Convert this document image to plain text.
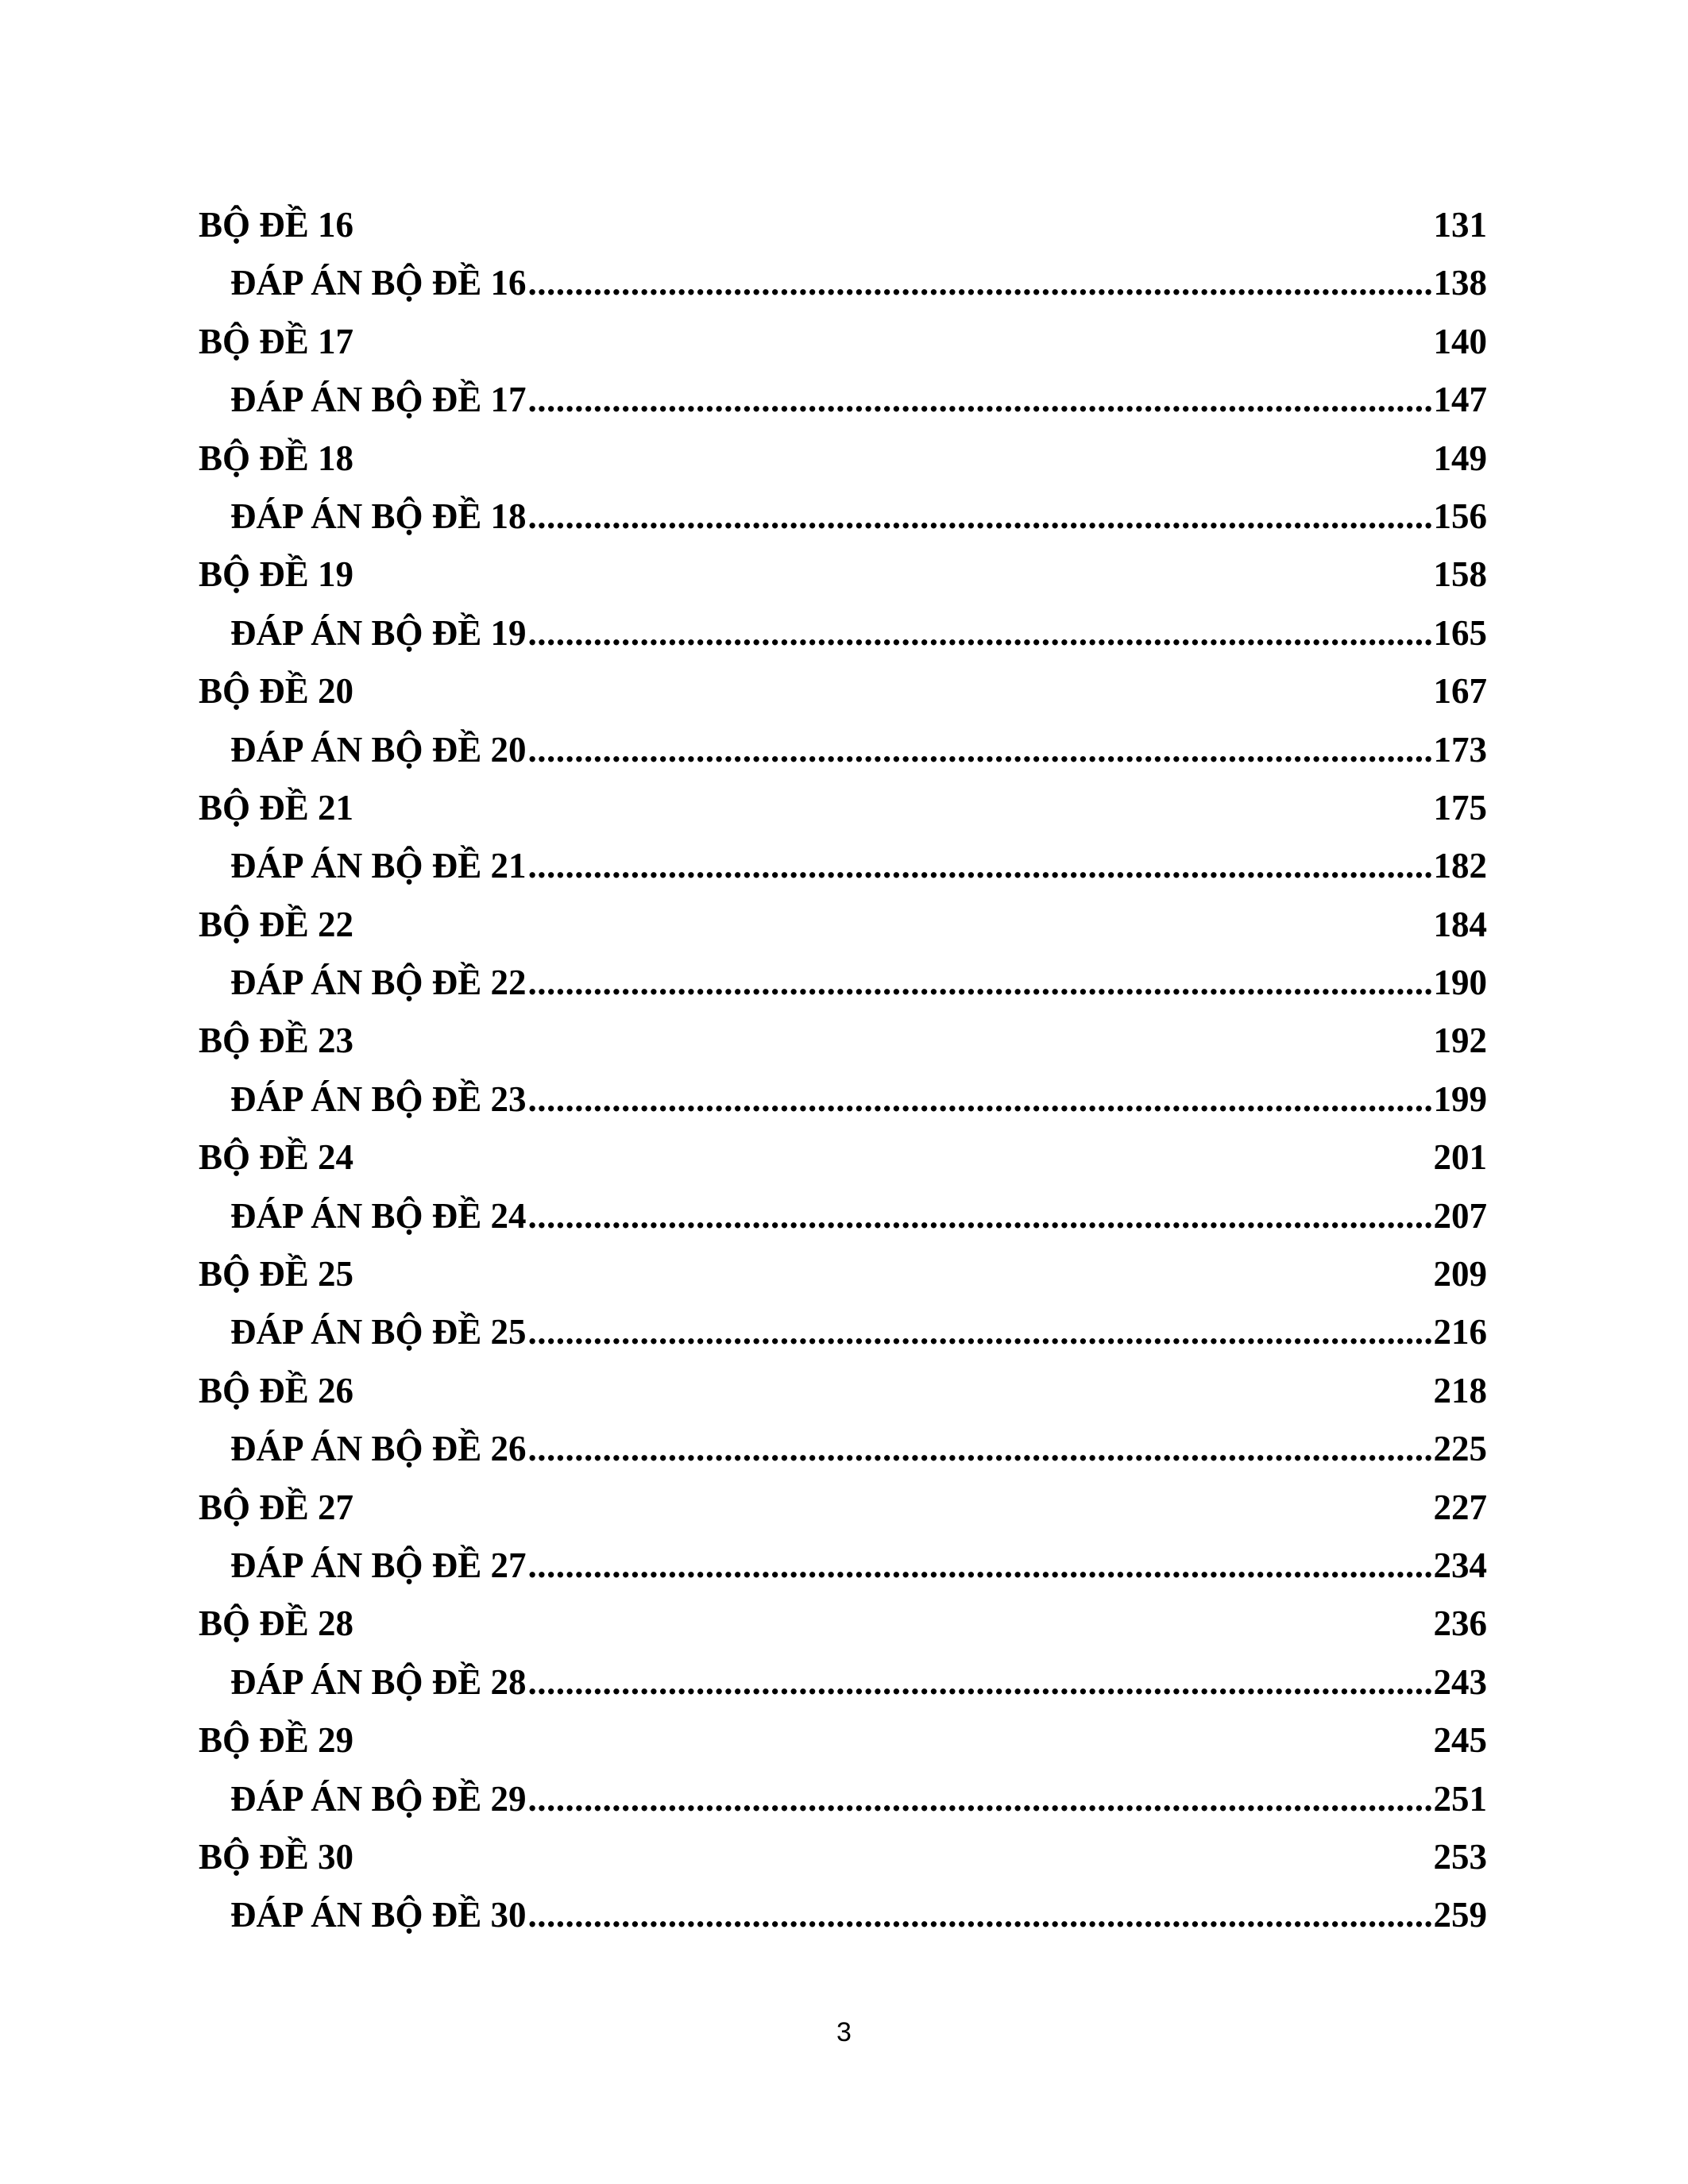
BỘ ĐỀ 16	131
ĐÁP ÁN BỘ ĐỀ 16 .....	138
BỘ ĐỀ 17	140
ĐÁP ÁN BỘ ĐỀ 17 .....	147
BỘ ĐỀ 18	149
ĐÁP ÁN BỘ ĐỀ 18 .....	156
BỘ ĐỀ 19	158
ĐÁP ÁN BỘ ĐỀ 19 .....	165
BỘ ĐỀ 20	167
ĐÁP ÁN BỘ ĐỀ 20 .....	173
BỘ ĐỀ 21	175
ĐÁP ÁN BỘ ĐỀ 21 .....	182
BỘ ĐỀ 22	184
ĐÁP ÁN BỘ ĐỀ 22 .....	190
BỘ ĐỀ 23	192
ĐÁP ÁN BỘ ĐỀ 23 .....	199
BỘ ĐỀ 24	201
ĐÁP ÁN BỘ ĐỀ 24 .....	207
BỘ ĐỀ 25	209
ĐÁP ÁN BỘ ĐỀ 25 .....	216
BỘ ĐỀ 26	218
ĐÁP ÁN BỘ ĐỀ 26 .....	225
BỘ ĐỀ 27	227
ĐÁP ÁN BỘ ĐỀ 27 .....	234
BỘ ĐỀ 28	236
ĐÁP ÁN BỘ ĐỀ 28 .....	243
BỘ ĐỀ 29	245
ĐÁP ÁN BỘ ĐỀ 29 .....	251
BỘ ĐỀ 30	253
ĐÁP ÁN BỘ ĐỀ 30 .....	259
3
